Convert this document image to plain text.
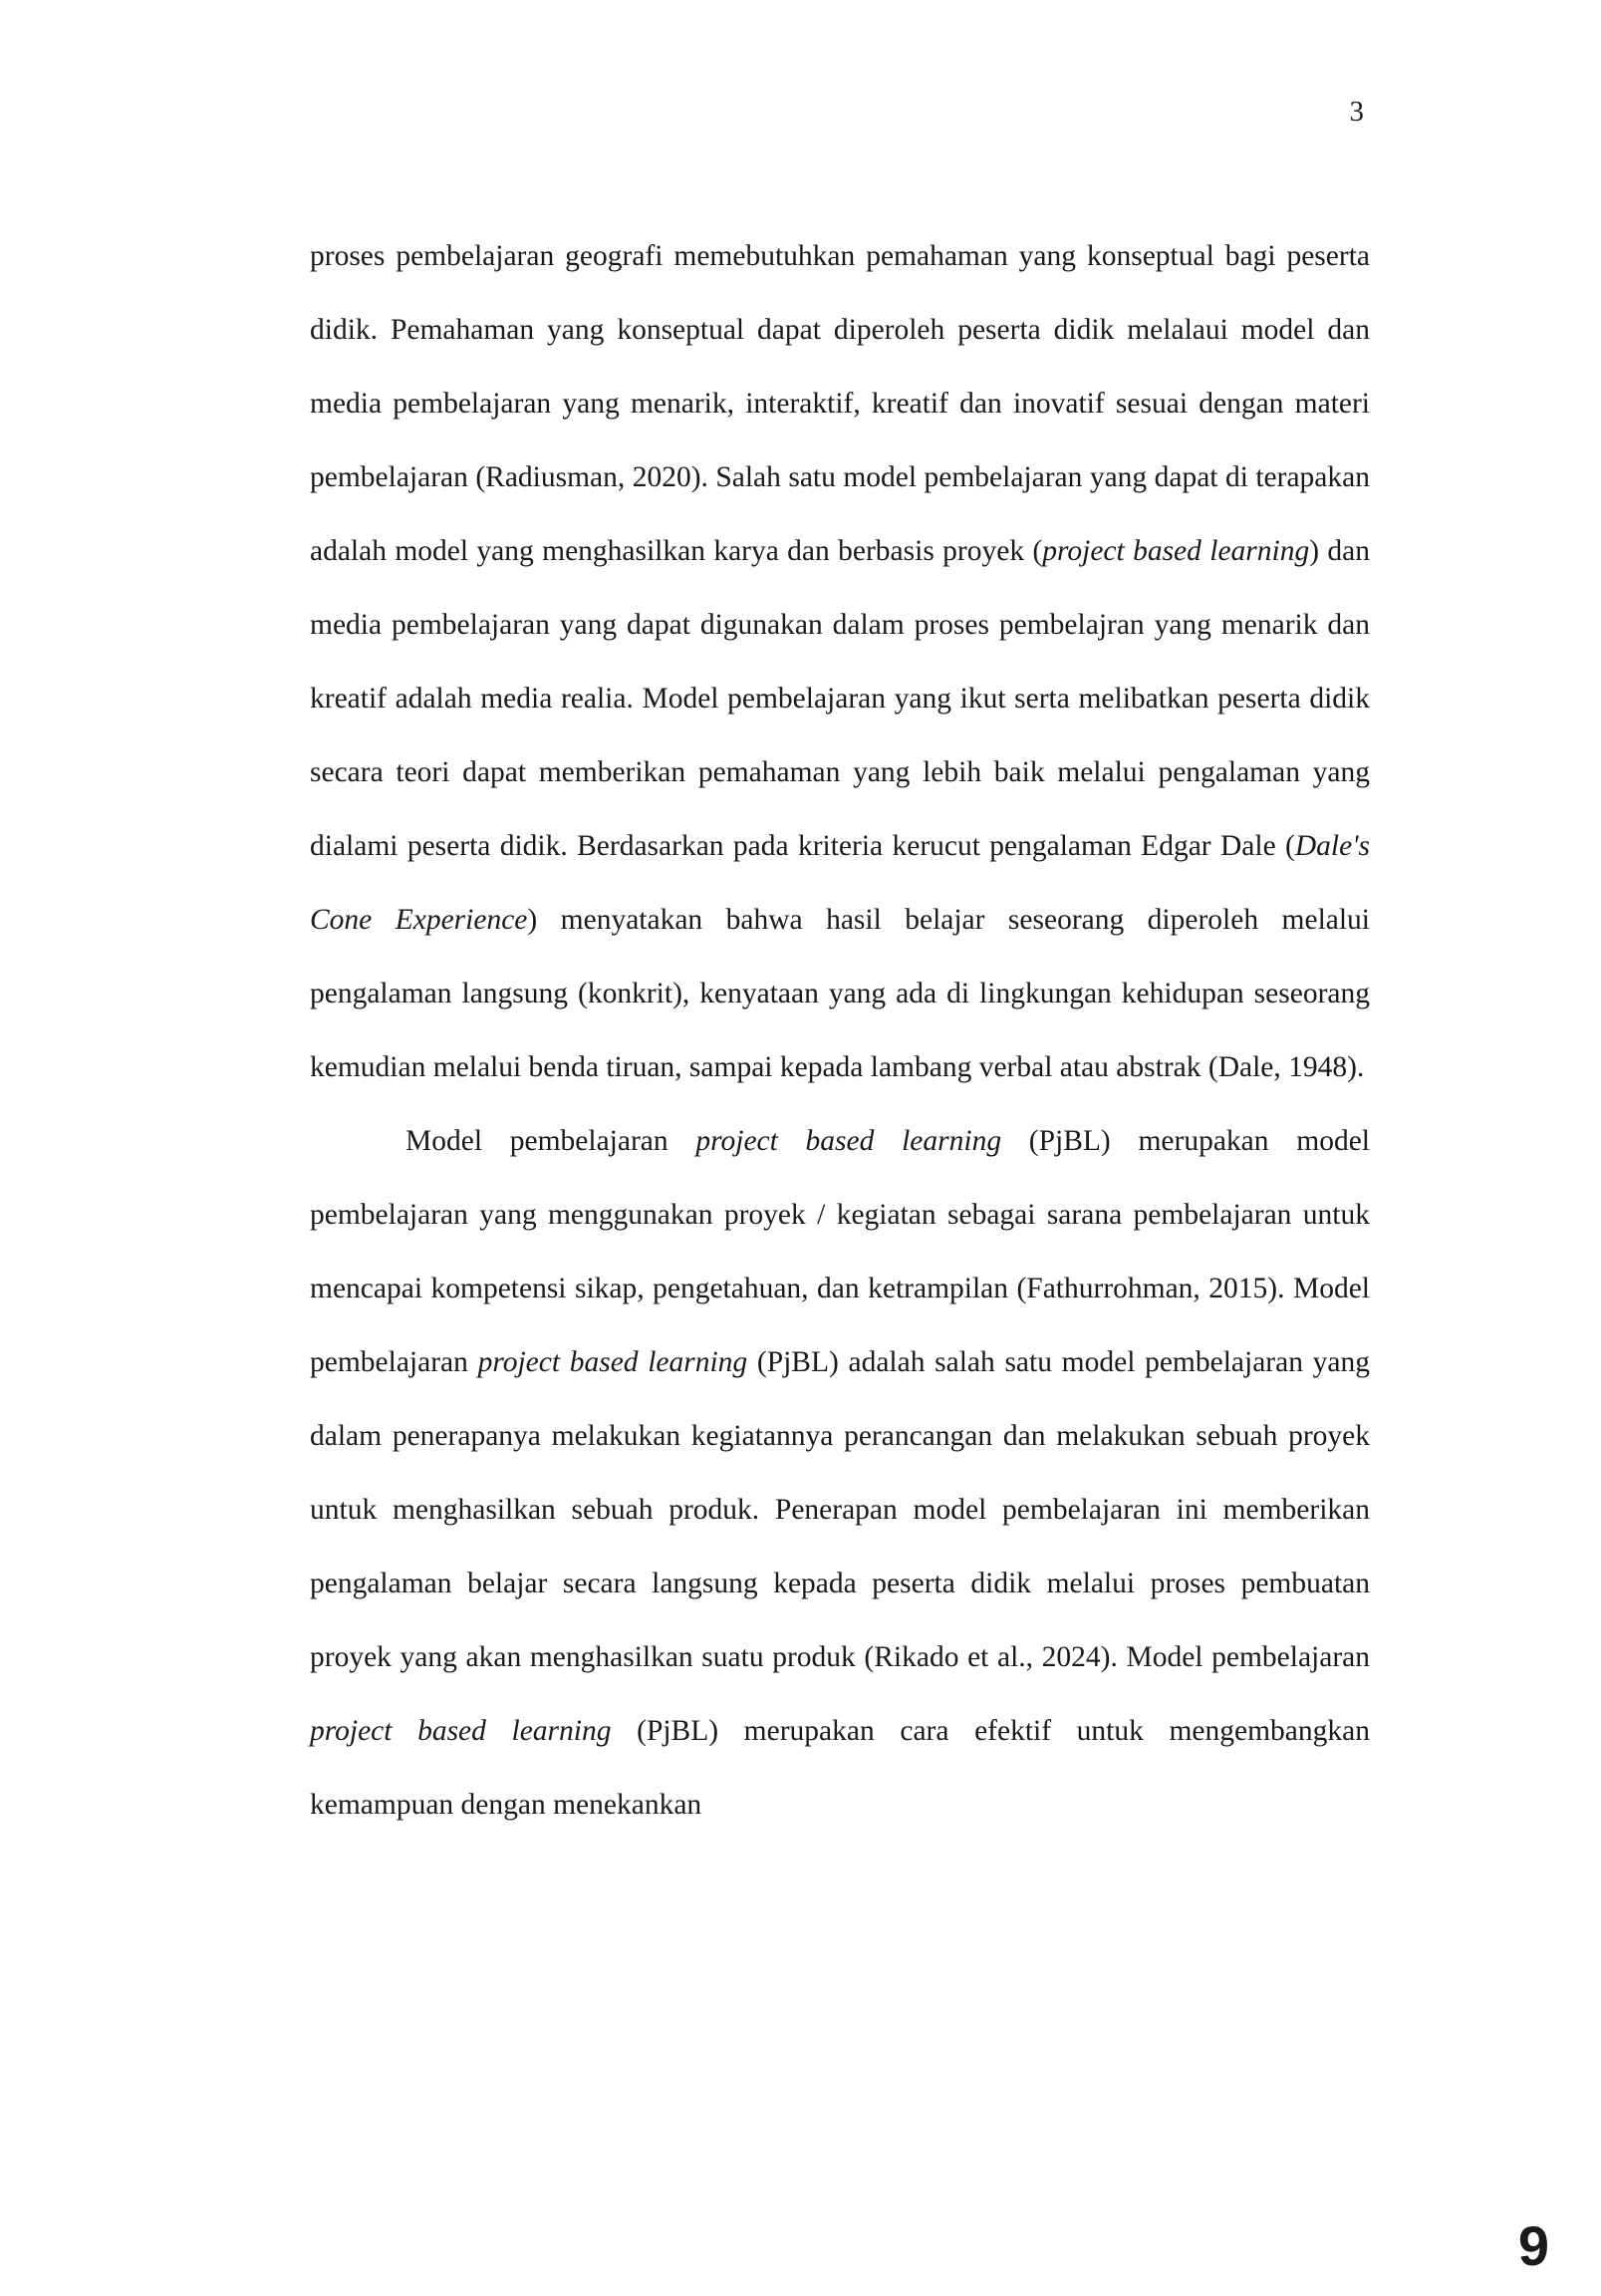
3

proses pembelajaran geografi memebutuhkan pemahaman yang konseptual bagi peserta didik. Pemahaman yang konseptual dapat diperoleh peserta didik melalaui model dan media pembelajaran yang menarik, interaktif, kreatif dan inovatif sesuai dengan materi pembelajaran (Radiusman, 2020). Salah satu model pembelajaran yang dapat di terapakan adalah model yang menghasilkan karya dan berbasis proyek (project based learning) dan media pembelajaran yang dapat digunakan dalam proses pembelajran yang menarik dan kreatif adalah media realia. Model pembelajaran yang ikut serta melibatkan peserta didik secara teori dapat memberikan pemahaman yang lebih baik melalui pengalaman yang dialami peserta didik. Berdasarkan pada kriteria kerucut pengalaman Edgar Dale (Dale's Cone Experience) menyatakan bahwa hasil belajar seseorang diperoleh melalui pengalaman langsung (konkrit), kenyataan yang ada di lingkungan kehidupan seseorang kemudian melalui benda tiruan, sampai kepada lambang verbal atau abstrak (Dale, 1948).

Model pembelajaran project based learning (PjBL) merupakan model pembelajaran yang menggunakan proyek / kegiatan sebagai sarana pembelajaran untuk mencapai kompetensi sikap, pengetahuan, dan ketrampilan (Fathurrohman, 2015). Model pembelajaran project based learning (PjBL) adalah salah satu model pembelajaran yang dalam penerapanya melakukan kegiatannya perancangan dan melakukan sebuah proyek untuk menghasilkan sebuah produk. Penerapan model pembelajaran ini memberikan pengalaman belajar secara langsung kepada peserta didik melalui proses pembuatan proyek yang akan menghasilkan suatu produk (Rikado et al., 2024). Model pembelajaran project based learning (PjBL) merupakan cara efektif untuk mengembangkan kemampuan dengan menekankan

9
